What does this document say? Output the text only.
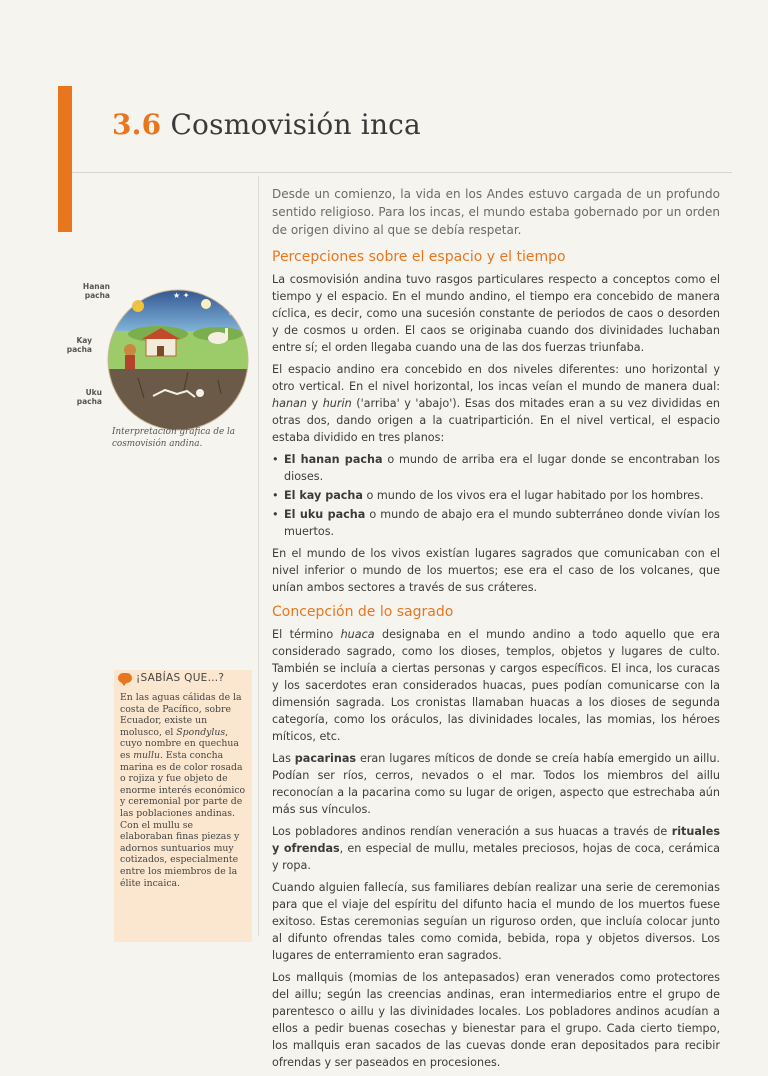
3.6 Cosmovisión inca
★ ✦
✦
Hanan pacha
Kay pacha
Uku pacha
Interpretación gráfica de la cosmovisión andina.
¡SABÍAS QUE…?
En las aguas cálidas de la costa de Pacífico, sobre Ecuador, existe un molusco, el Spondylus, cuyo nombre en quechua es mullu. Esta concha marina es de color rosada o rojiza y fue objeto de enorme interés económico y ceremonial por parte de las poblaciones andinas. Con el mullu se elaboraban finas piezas y adornos suntuarios muy cotizados, especialmente entre los miembros de la élite incaica.

Desde un comienzo, la vida en los Andes estuvo cargada de un profundo sentido religioso. Para los incas, el mundo estaba gobernado por un orden de origen divino al que se debía respetar.

Percepciones sobre el espacio y el tiempo

La cosmovisión andina tuvo rasgos particulares respecto a conceptos como el tiempo y el espacio. En el mundo andino, el tiempo era concebido de manera cíclica, es decir, como una sucesión constante de periodos de caos o desorden y de cosmos u orden. El caos se originaba cuando dos divinidades luchaban entre sí; el orden llegaba cuando una de las dos fuerzas triunfaba.

El espacio andino era concebido en dos niveles diferentes: uno horizontal y otro vertical. En el nivel horizontal, los incas veían el mundo de manera dual: hanan y hurin ('arriba' y 'abajo'). Esas dos mitades eran a su vez divididas en otras dos, dando origen a la cuatripartición. En el nivel vertical, el espacio estaba dividido en tres planos:

• El hanan pacha o mundo de arriba era el lugar donde se encontraban los dioses.
• El kay pacha o mundo de los vivos era el lugar habitado por los hombres.
• El uku pacha o mundo de abajo era el mundo subterráneo donde vivían los muertos.

En el mundo de los vivos existían lugares sagrados que comunicaban con el nivel inferior o mundo de los muertos; ese era el caso de los volcanes, que unían ambos sectores a través de sus cráteres.

Concepción de lo sagrado

El término huaca designaba en el mundo andino a todo aquello que era considerado sagrado, como los dioses, templos, objetos y lugares de culto. También se incluía a ciertas personas y cargos específicos. El inca, los curacas y los sacerdotes eran considerados huacas, pues podían comunicarse con la dimensión sagrada. Los cronistas llamaban huacas a los dioses de segunda categoría, como los oráculos, las divinidades locales, las momias, los héroes míticos, etc.

Las pacarinas eran lugares míticos de donde se creía había emergido un aillu. Podían ser ríos, cerros, nevados o el mar. Todos los miembros del aillu reconocían a la pacarina como su lugar de origen, aspecto que estrechaba aún más sus vínculos.

Los pobladores andinos rendían veneración a sus huacas a través de rituales y ofrendas, en especial de mullu, metales preciosos, hojas de coca, cerámica y ropa.

Cuando alguien fallecía, sus familiares debían realizar una serie de ceremonias para que el viaje del espíritu del difunto hacia el mundo de los muertos fuese exitoso. Estas ceremonias seguían un riguroso orden, que incluía colocar junto al difunto ofrendas tales como comida, bebida, ropa y objetos diversos. Los lugares de enterramiento eran sagrados.

Los mallquis (momias de los antepasados) eran venerados como protectores del aillu; según las creencias andinas, eran intermediarios entre el grupo de parentesco o aillu y las divinidades locales. Los pobladores andinos acudían a ellos a pedir buenas cosechas y bienestar para el grupo. Cada cierto tiempo, los mallquis eran sacados de las cuevas donde eran depositados para recibir ofrendas y ser paseados en procesiones.
